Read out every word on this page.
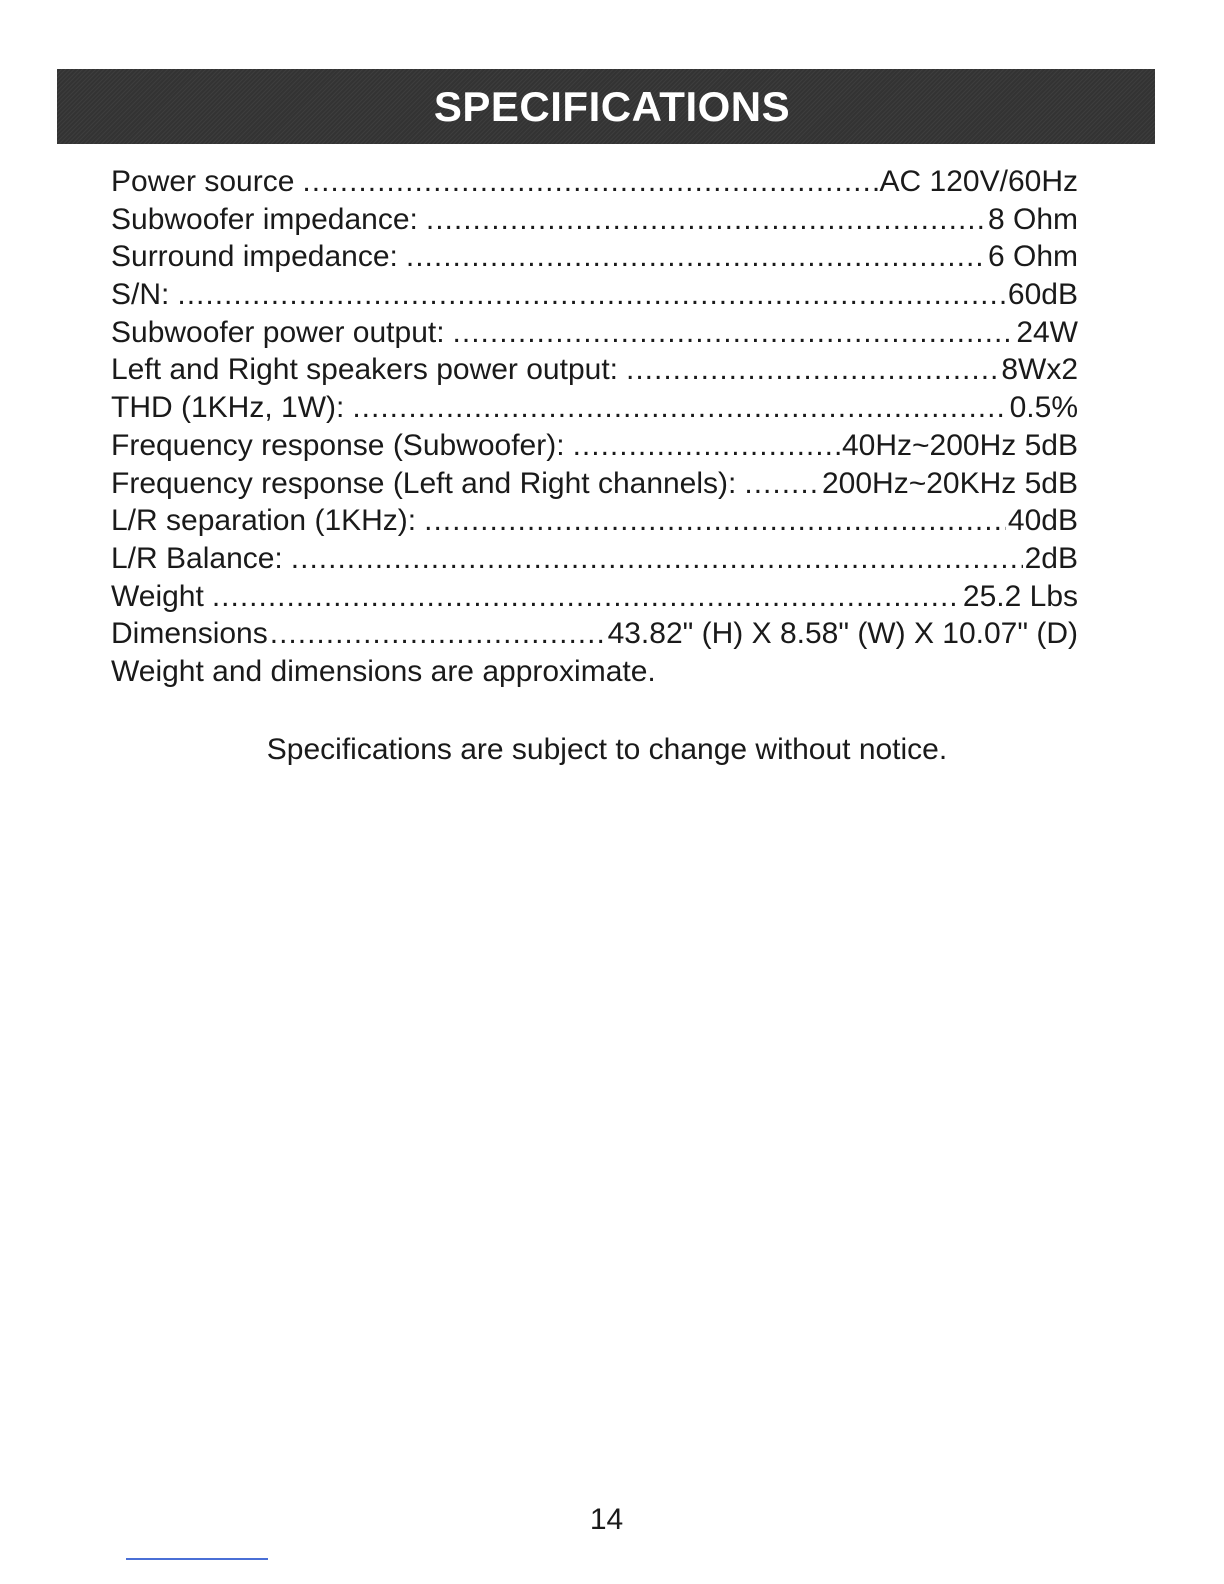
SPECIFICATIONS
Power source .....	AC 120V/60Hz
Subwoofer impedance: .....	8 Ohm
Surround impedance: .....	6 Ohm
S/N: .....	60dB
Subwoofer power output: .....	24W
Left and Right speakers power output: .....	8Wx2
THD (1KHz, 1W): .....	0.5%
Frequency response (Subwoofer): .....	40Hz~200Hz 5dB
Frequency response (Left and Right channels): .....	200Hz~20KHz 5dB
L/R separation (1KHz): .....	40dB
L/R Balance: .....	2dB
Weight .....	25.2 Lbs
Dimensions .....	43.82" (H) X 8.58" (W) X 10.07" (D)
Weight and dimensions are approximate.
Specifications are subject to change without notice.
14
